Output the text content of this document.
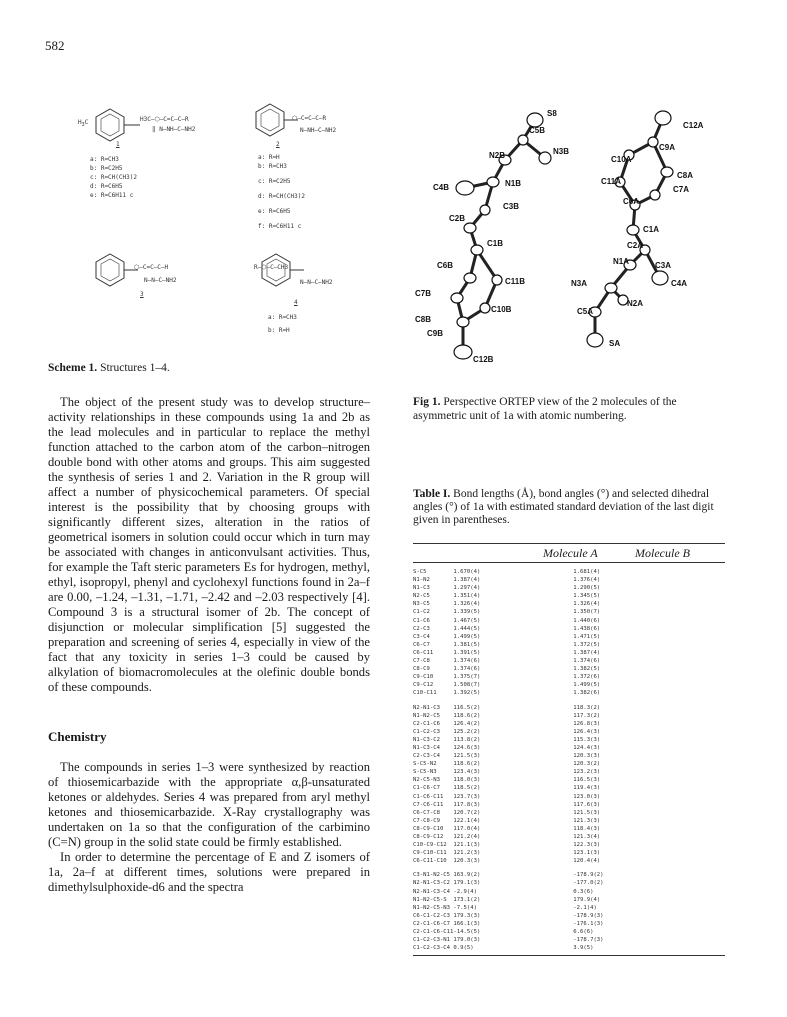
582
$H_3C$	H3C—⬡—C=C—C—R
‖ N—NH—C—NH2
1
a: R=CH3
b: R=C2H5
c: R=CH(CH3)2
d: R=C6H5
e: R=C6H11 c
⬡—C=C—C—R
N—NH—C—NH2
2
a: R=H
b: R=CH3
c: R=C2H5
d: R=CH(CH3)2
e: R=C6H5
f: R=C6H11 c
⬡—C=C—C—H
N—N—C—NH2
3
R—⬡—C—CH3
N—N—C—NH2
4
a: R=CH3
b: R=H
Scheme 1. Structures 1–4.
S8
C5B
N2B	N3B
N1B
C4B
C3B
C2B
C1B
C6B
C7B
C11B
C8B
C10B
C9B
C12B
C12A
C9A
C10A
C8A
C11A
C7A
C6A
C1A
C2A
N1A	C3A
N3A	C4A
N2A
C5A
SA
Fig 1. Perspective ORTEP view of the 2 molecules of the asymmetric unit of 1a with atomic numbering.

The object of the present study was to develop structure–activity relationships in these compounds using 1a and 2b as the lead molecules and in particular to replace the methyl function attached to the carbon atom of the carbon–nitrogen double bond with other atoms and groups. This aim suggested the synthesis of series 1 and 2. Variation in the R group will affect a number of physicochemical parameters. Of special interest is the possibility that by choosing groups with significantly different sizes, alteration in the ratios of geometrical isomers in solution could occur which in turn may be associated with changes in anticonvulsant activities. Thus, for example the Taft steric parameters Es for hydrogen, methyl, ethyl, isopropyl, phenyl and cyclohexyl functions found in 2a–f are 0.00, –1.24, –1.31, –1.71, –2.42 and –2.03 respectively [4]. Compound 3 is a structural isomer of 2b. The concept of disjunction or molecular simplification [5] suggested the preparation and screening of series 4, especially in view of the fact that any toxicity in series 1–3 could be caused by alkylation of biomacromolecules at the olefinic double bonds of these compounds.

Chemistry

The compounds in series 1–3 were synthesized by reaction of thiosemicarbazide with the appropriate α,β-unsaturated ketones or aldehydes. Series 4 was prepared from aryl methyl ketones and thiosemicarbazide. X-Ray crystallography was undertaken on 1a so that the configuration of the carbimino (C=N) group in the solid state could be firmly established.

In order to determine the percentage of E and Z isomers of 1a, 2a–f at different times, solutions were prepared in dimethylsulphoxide-d6 and the spectra

Table I. Bond lengths (Å), bond angles (°) and selected dihedral angles (°) of 1a with estimated standard deviation of the last digit given in parentheses.
Molecule A	Molecule B
S-C5	1.670(4)	1.681(4)
N1-N2	1.387(4)	1.376(4)
N1-C3	1.297(4)	1.290(5)
N2-C5	1.351(4)	1.345(5)
N3-C5	1.326(4)	1.326(4)
C1-C2	1.339(5)	1.350(7)
C1-C6	1.467(5)	1.440(6)
C2-C3	1.444(5)	1.438(6)
C3-C4	1.499(5)	1.471(5)
C6-C7	1.381(5)	1.372(5)
C6-C11	1.391(5)	1.387(4)
C7-C8	1.374(6)	1.374(6)
C8-C9	1.374(6)	1.382(5)
C9-C10	1.375(7)	1.372(6)
C9-C12	1.508(7)	1.499(5)
C10-C11	1.392(5)	1.382(6)

N2-N1-C3	116.5(2)	118.3(2)
N1-N2-C5	118.6(2)	117.3(2)
C2-C1-C6	126.4(2)	126.8(3)
C1-C2-C3	125.2(2)	126.4(3)
N1-C3-C2	113.8(2)	115.3(3)
N1-C3-C4	124.6(3)	124.4(3)
C2-C3-C4	121.5(3)	120.3(3)
S-C5-N2	118.6(2)	120.3(2)
S-C5-N3	123.4(3)	123.2(3)
N2-C5-N3	118.0(3)	116.5(3)
C1-C6-C7	118.5(2)	119.4(3)
C1-C6-C11	123.7(3)	123.0(3)
C7-C6-C11	117.8(3)	117.6(3)
C6-C7-C8	120.7(2)	121.5(3)
C7-C8-C9	122.1(4)	121.3(3)
C8-C9-C10	117.0(4)	118.4(3)
C8-C9-C12	121.2(4)	121.3(4)
C10-C9-C12	121.1(3)	122.3(3)
C9-C10-C11	121.2(3)	123.1(3)
C6-C11-C10	120.3(3)	120.4(4)

C3-N1-N2-C5	163.9(2)	-178.9(2)
N2-N1-C3-C2	179.1(3)	-177.0(2)
N2-N1-C3-C4	-2.9(4)	0.3(6)
N1-N2-C5-S	173.1(2)	179.9(4)
N1-N2-C5-N3	-7.5(4)	-2.1(4)
C6-C1-C2-C3	179.3(3)	-178.9(3)
C2-C1-C6-C7	166.1(3)	-176.1(3)
C2-C1-C6-C11	-14.5(5)	6.6(6)
C1-C2-C3-N1	179.0(3)	-178.7(3)
C1-C2-C3-C4	0.9(5)	3.9(5)
